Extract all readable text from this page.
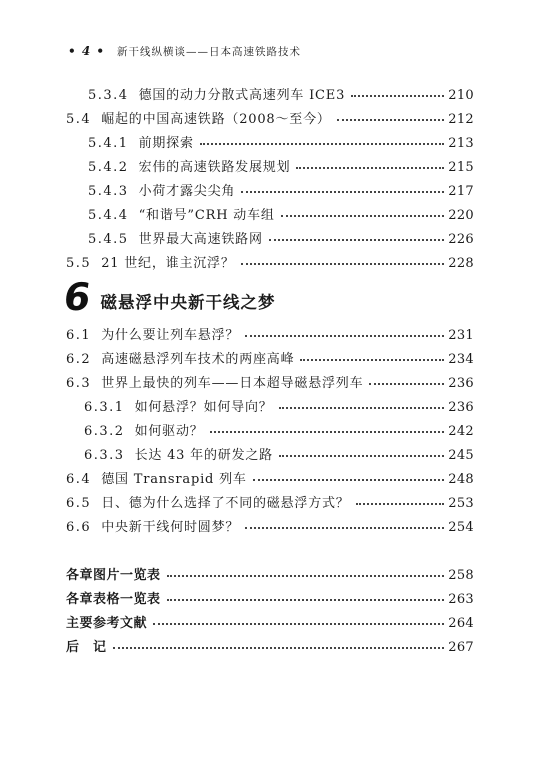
• 4 • 新干线纵横谈——日本高速铁路技术
5.3.4 德国的动力分散式高速列车 ICE3	210
5.4 崛起的中国高速铁路（2008～至今）	212
5.4.1 前期探索	213
5.4.2 宏伟的高速铁路发展规划	215
5.4.3 小荷才露尖尖角	217
5.4.4 “和谐号”CRH 动车组	220
5.4.5 世界最大高速铁路网	226
5.5 21 世纪，谁主沉浮？	228
6 磁悬浮中央新干线之梦
6.1 为什么要让列车悬浮？	231
6.2 高速磁悬浮列车技术的两座高峰	234
6.3 世界上最快的列车——日本超导磁悬浮列车	236
6.3.1 如何悬浮？如何导向？	236
6.3.2 如何驱动？	242
6.3.3 长达 43 年的研发之路	245
6.4 德国 Transrapid 列车	248
6.5 日、德为什么选择了不同的磁悬浮方式？	253
6.6 中央新干线何时圆梦？	254
各章图片一览表	258
各章表格一览表	263
主要参考文献	264
后　记	267
